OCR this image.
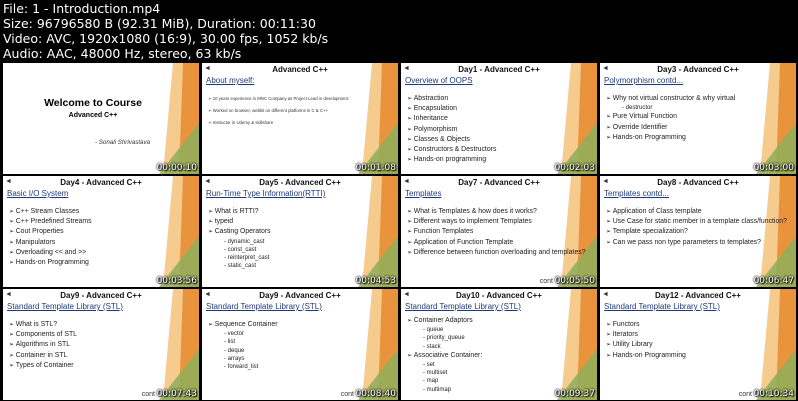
File: 1 - Introduction.mp4
Size: 96796580 B (92.31 MiB), Duration: 00:11:30
Video: AVC, 1920x1080 (16:9), 30.00 fps, 1052 kb/s
Audio: AAC, 48000 Hz, stereo, 63 kb/s
Welcome to Course
Advanced C++
- Sonali Shrivastava
00:00:10
◄	Advanced C++
About myself:
➢ 10 years experience in MNC Company as Project Lead in development.
➢ Worked on browser, webkit on different platforms in C & C++
➢ Instructor in Udemy & skillshare
00:01:08
◄	Day1 - Advanced C++
Overview of OOPS
➢ Abstraction
➢ Encapsulation
➢ Inheritance
➢ Polymorphism
➢ Classes & Objects
➢ Constructors & Destructors
➢ Hands-on programming
00:02:03
◄	Day3 - Advanced C++
Polymorphism contd...
➢ Why not virtual constructor & why virtual
- destructor
➢ Pure Virtual Function
➢ Override Identifier
➢ Hands-on Programming
00:03:00
◄	Day4 - Advanced C++
Basic I/O System
➢ C++ Stream Classes
➢ C++ Predefined Streams
➢ Cout Properties
➢ Manipulators
➢ Overloading << and >>
➢ Hands-on Programming
00:03:56
◄	Day5 - Advanced C++
Run-Time Type Information(RTTI)
➢ What is RTTI?
➢ typeid
➢ Casting Operators
- dynamic_cast
- const_cast
- reinterpret_cast
- static_cast
00:04:53
◄	Day7 - Advanced C++
Templates
➢ What is Templates & how does it works?
➢ Different ways to implement Templates
➢ Function Templates
➢ Application of Function Template
➢ Difference between function overloading and templates?
cont 00:05:50
◄	Day8 - Advanced C++
Templates contd...
➢ Application of Class template
➢ Use Case for static member in a template class/function?
➢ Template specialization?
➢ Can we pass non type parameters to templates?
00:06:47
◄	Day9 - Advanced C++
Standard Template Library (STL)
➢ What is STL?
➢ Components of STL
➢ Algorithms in STL
➢ Container in STL
➢ Types of Container
cont 00:07:43
◄	Day9 - Advanced C++
Standard Template Library (STL)
➢ Sequence Container
- vector
- list
- deque
- arrays
- forward_list
cont 00:08:40
◄	Day10 - Advanced C++
Standard Template Library (STL)
➢ Container Adaptors
- queue
- priority_queue
- stack
➢ Associative Container:
- set
- multiset
- map
- multimap	00:09:37
◄	Day12 - Advanced C++
Standard Template Library (STL)
➢ Functors
➢ Iterators
➢ Utility Library
➢ Hands-on Programming
cont 00:10:34
